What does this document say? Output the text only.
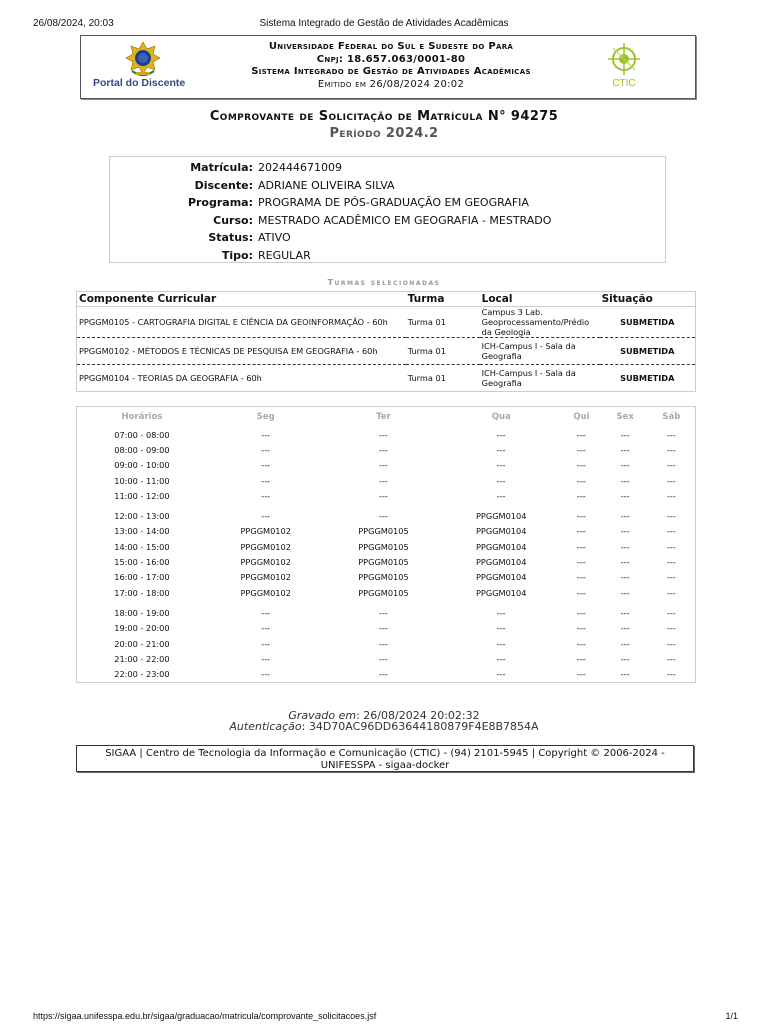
26/08/2024, 20:03	Sistema Integrado de Gestão de Atividades Acadêmicas
Portal do Discente
Universidade Federal do Sul e Sudeste do Pará
Cnpj: 18.657.063/0001-80
Sistema Integrado de Gestão de Atividades Acadêmicas
Emitido em 26/08/2024 20:02	CTIC
Comprovante de Solicitação de Matrícula N° 94275
Período 2024.2
Matrícula: 202444671009
Discente: ADRIANE OLIVEIRA SILVA
Programa: PROGRAMA DE PÓS-GRADUAÇÃO EM GEOGRAFIA
Curso: MESTRADO ACADÊMICO EM GEOGRAFIA - MESTRADO
Status: ATIVO
Tipo: REGULAR
Turmas selecionadas
Componente Curricular	Turma	Local	Situação
PPGGM0105 - CARTOGRAFIA DIGITAL E CIÊNCIA DA GEOINFORMAÇÃO - 60h	Turma 01	Campus 3 Lab. Geoprocessamento/Prédio da Geologia	SUBMETIDA
PPGGM0102 - MÉTODOS E TÉCNICAS DE PESQUISA EM GEOGRAFIA - 60h	Turma 01	ICH-Campus I - Sala da Geografia	SUBMETIDA
PPGGM0104 - TEORIAS DA GEOGRAFIA - 60h	Turma 01	ICH-Campus I - Sala da Geografia	SUBMETIDA
Horários	Seg	Ter	Qua	Qui	Sex	Sáb
07:00 - 08:00	---	---	---	---	---	---
08:00 - 09:00	---	---	---	---	---	---
09:00 - 10:00	---	---	---	---	---	---
10:00 - 11:00	---	---	---	---	---	---
11:00 - 12:00	---	---	---	---	---	---
12:00 - 13:00	---	---	PPGGM0104	---	---	---
13:00 - 14:00	PPGGM0102	PPGGM0105	PPGGM0104	---	---	---
14:00 - 15:00	PPGGM0102	PPGGM0105	PPGGM0104	---	---	---
15:00 - 16:00	PPGGM0102	PPGGM0105	PPGGM0104	---	---	---
16:00 - 17:00	PPGGM0102	PPGGM0105	PPGGM0104	---	---	---
17:00 - 18:00	PPGGM0102	PPGGM0105	PPGGM0104	---	---	---
18:00 - 19:00	---	---	---	---	---	---
19:00 - 20:00	---	---	---	---	---	---
20:00 - 21:00	---	---	---	---	---	---
21:00 - 22:00	---	---	---	---	---	---
22:00 - 23:00	---	---	---	---	---	---
Gravado em: 26/08/2024 20:02:32
Autenticação: 34D70AC96DD63644180879F4E8B7854A
SIGAA | Centro de Tecnologia da Informação e Comunicação (CTIC) - (94) 2101-5945 | Copyright © 2006-2024 - UNIFESSPA - sigaa-docker
https://sigaa.unifesspa.edu.br/sigaa/graduacao/matricula/comprovante_solicitacoes.jsf	1/1
